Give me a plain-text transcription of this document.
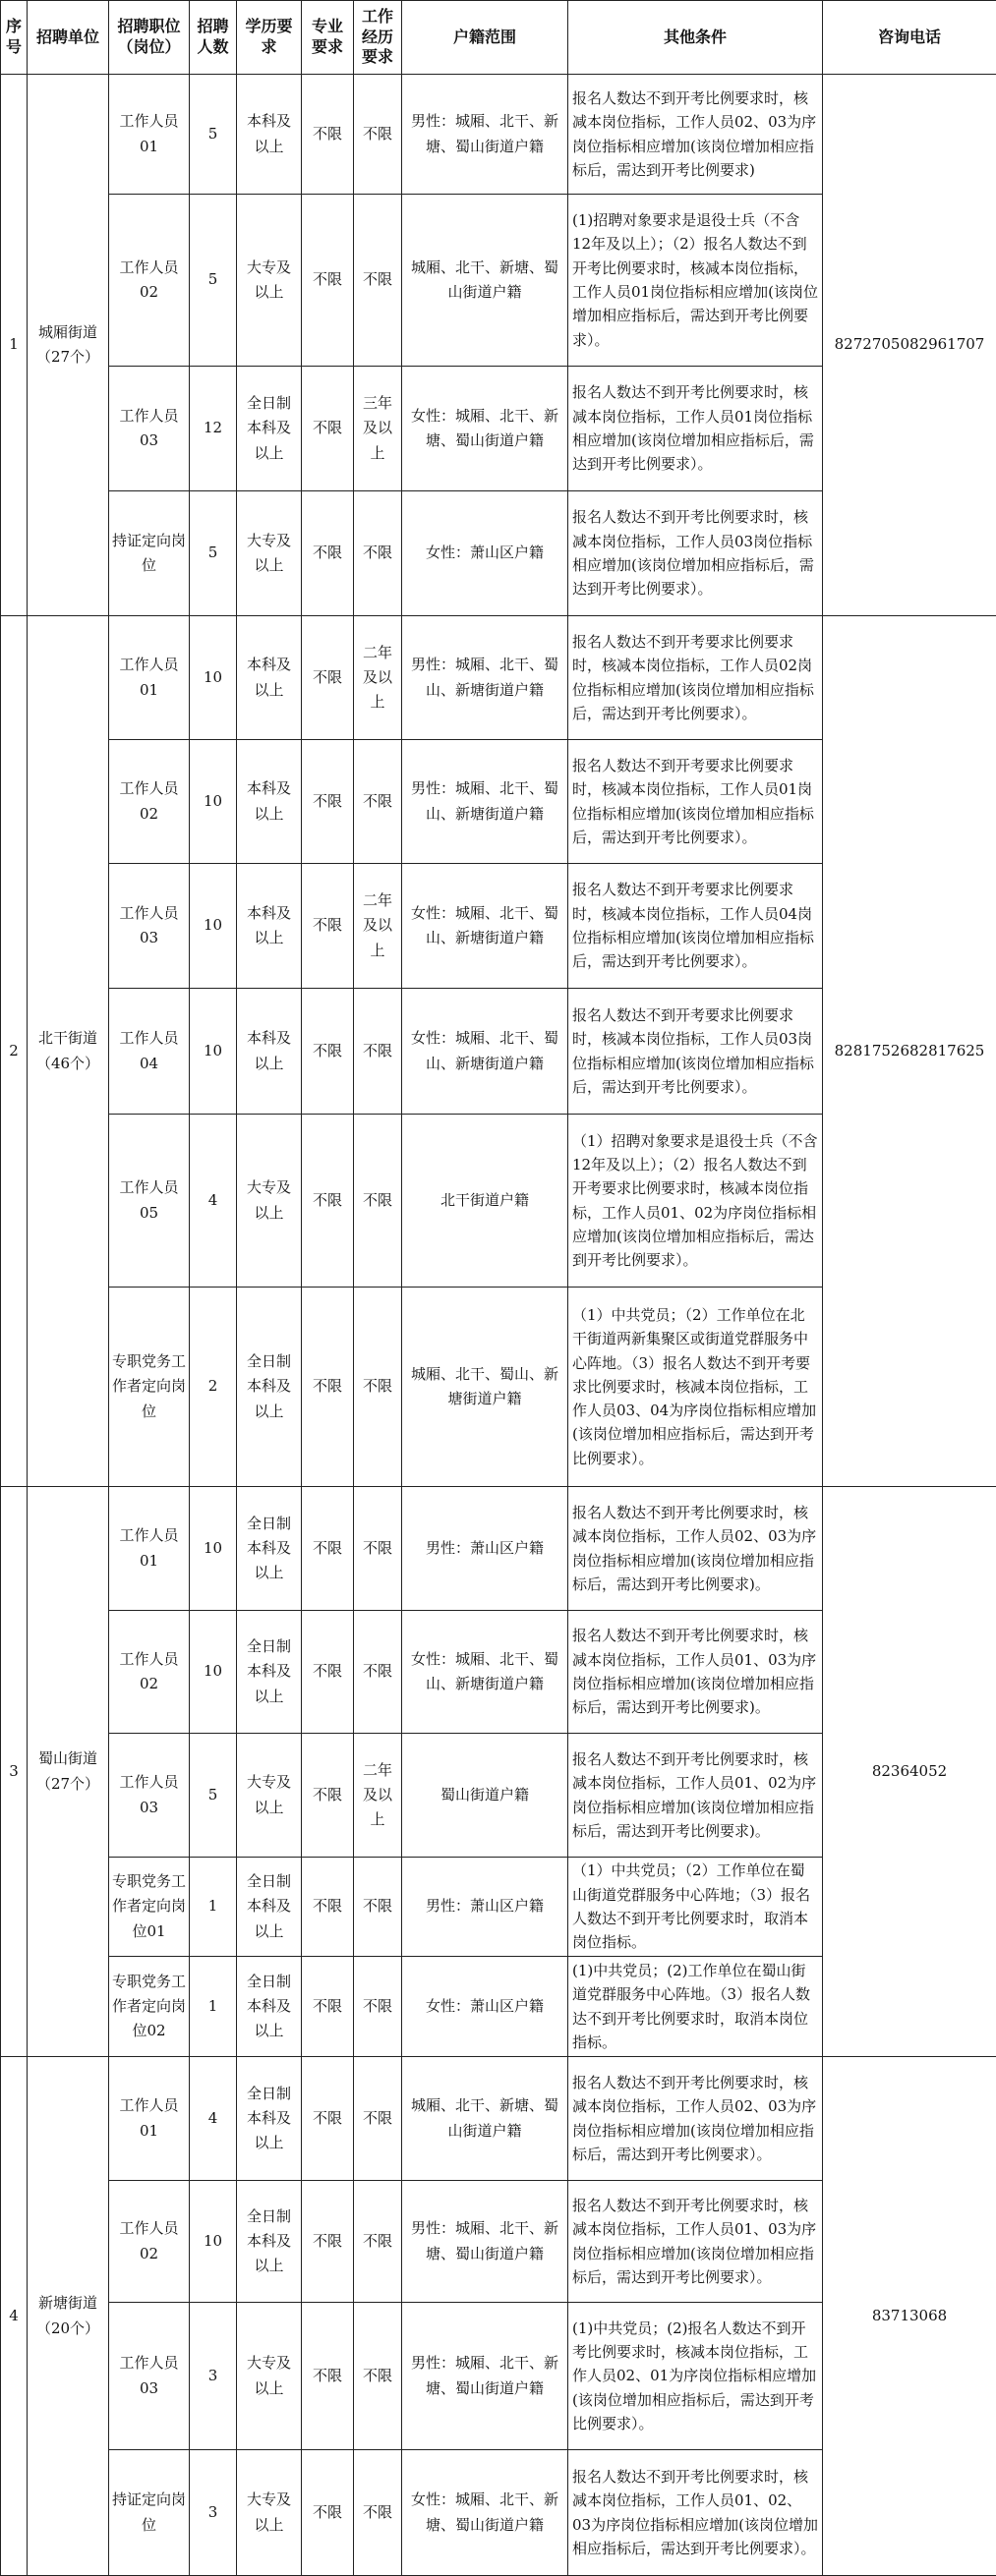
序号	招聘单位	招聘职位（岗位）	招聘人数	学历要求	专业要求	工作经历要求	户籍范围	其他条件	咨询电话
1	城厢街道（27个）	工作人员01	5	本科及以上	不限	不限	男性：城厢、北干、新塘、蜀山街道户籍	报名人数达不到开考比例要求时，核减本岗位指标，工作人员02、03为序岗位指标相应增加(该岗位增加相应指标后，需达到开考比例要求)	82727050829617​07
		工作人员02	5	大专及以上	不限	不限	城厢、北干、新塘、蜀山街道户籍	(1)招聘对象要求是退役士兵（不含12年及以上）；（2）报名人数达不到开考比例要求时，核减本岗位指标，工作人员01岗位指标相应增加(该岗位增加相应指标后，需达到开考比例要求）。	
		工作人员03	12	全日制本科及以上	不限	三年及以上	女性：城厢、北干、新塘、蜀山街道户籍	报名人数达不到开考比例要求时，核减本岗位指标，工作人员01岗位指标相应增加(该岗位增加相应指标后，需达到开考比例要求）。	
		持证定向岗位	5	大专及以上	不限	不限	女性：萧山区户籍	报名人数达不到开考比例要求时，核减本岗位指标，工作人员03岗位指标相应增加(该岗位增加相应指标后，需达到开考比例要求）。	
2	北干街道（46个）	工作人员01	10	本科及以上	不限	二年及以上	男性：城厢、北干、蜀山、新塘街道户籍	报名人数达不到开考要求比例要求时，核减本岗位指标，工作人员02岗位指标相应增加(该岗位增加相应指标后，需达到开考比例要求）。	82817526828176​25
		工作人员02	10	本科及以上	不限	不限	男性：城厢、北干、蜀山、新塘街道户籍	报名人数达不到开考要求比例要求时，核减本岗位指标，工作人员01岗位指标相应增加(该岗位增加相应指标后，需达到开考比例要求）。	
		工作人员03	10	本科及以上	不限	二年及以上	女性：城厢、北干、蜀山、新塘街道户籍	报名人数达不到开考要求比例要求时，核减本岗位指标，工作人员04岗位指标相应增加(该岗位增加相应指标后，需达到开考比例要求）。	
		工作人员04	10	本科及以上	不限	不限	女性：城厢、北干、蜀山、新塘街道户籍	报名人数达不到开考要求比例要求时，核减本岗位指标，工作人员03岗位指标相应增加(该岗位增加相应指标后，需达到开考比例要求）。	
		工作人员05	4	大专及以上	不限	不限	北干街道户籍	（1）招聘对象要求是退役士兵（不含12年及以上）；（2）报名人数达不到开考要求比例要求时，核减本岗位指标，工作人员01、02为序岗位指标相应增加(该岗位增加相应指标后，需达到开考比例要求）。	
		专职党务工作者定向岗位	2	全日制本科及以上	不限	不限	城厢、北干、蜀山、新塘街道户籍	（1）中共党员；（2）工作单位在北干街道两新集聚区或街道党群服务中心阵地。（3）报名人数达不到开考要求比例要求时，核减本岗位指标，工作人员03、04为序岗位指标相应增加(该岗位增加相应指标后，需达到开考比例要求）。	
3	蜀山街道（27个）	工作人员01	10	全日制本科及以上	不限	不限	男性：萧山区户籍	报名人数达不到开考比例要求时，核减本岗位指标，工作人员02、03为序岗位指标相应增加(该岗位增加相应指标后，需达到开考比例要求)。	82364052
		工作人员02	10	全日制本科及以上	不限	不限	女性：城厢、北干、蜀山、新塘街道户籍	报名人数达不到开考比例要求时，核减本岗位指标，工作人员01、03为序岗位指标相应增加(该岗位增加相应指标后，需达到开考比例要求)。	
		工作人员03	5	大专及以上	不限	二年及以上	蜀山街道户籍	报名人数达不到开考比例要求时，核减本岗位指标，工作人员01、02为序岗位指标相应增加(该岗位增加相应指标后，需达到开考比例要求)。	
		专职党务工作者定向岗位01	1	全日制本科及以上	不限	不限	男性：萧山区户籍	（1）中共党员；（2）工作单位在蜀山街道党群服务中心阵地；（3）报名人数达不到开考比例要求时，取消本岗位指标。	
		专职党务工作者定向岗位02	1	全日制本科及以上	不限	不限	女性：萧山区户籍	(1)中共党员；(2)工作单位在蜀山街道党群服务中心阵地。（3）报名人数达不到开考比例要求时，取消本岗位指标。	
4	新塘街道（20个）	工作人员01	4	全日制本科及以上	不限	不限	城厢、北干、新塘、蜀山街道户籍	报名人数达不到开考比例要求时，核减本岗位指标，工作人员02、03为序岗位指标相应增加(该岗位增加相应指标后，需达到开考比例要求）。	83713068
		工作人员02	10	全日制本科及以上	不限	不限	男性：城厢、北干、新塘、蜀山街道户籍	报名人数达不到开考比例要求时，核减本岗位指标，工作人员01、03为序岗位指标相应增加(该岗位增加相应指标后，需达到开考比例要求）。	
		工作人员03	3	大专及以上	不限	不限	男性：城厢、北干、新塘、蜀山街道户籍	(1)中共党员；(2)报名人数达不到开考比例要求时，核减本岗位指标，工作人员02、01为序岗位指标相应增加(该岗位增加相应指标后，需达到开考比例要求）。	
		持证定向岗位	3	大专及以上	不限	不限	女性：城厢、北干、新塘、蜀山街道户籍	报名人数达不到开考比例要求时，核减本岗位指标，工作人员01、02、03为序岗位指标相应增加(该岗位增加相应指标后，需达到开考比例要求）。	
